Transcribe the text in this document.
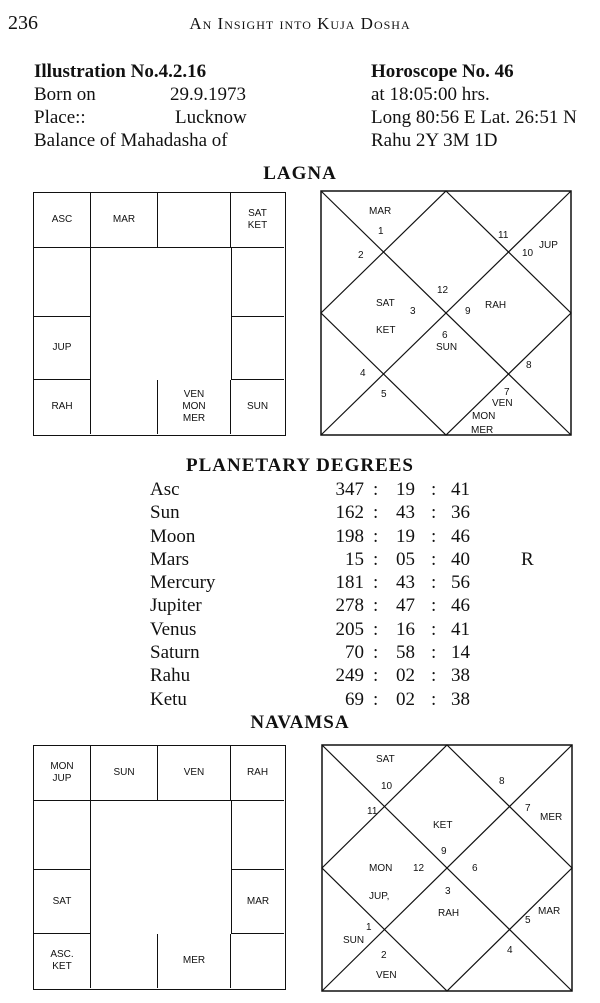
236	An Insight into Kuja Dosha
Illustration No.4.2.16
Born on	29.9.1973
Place::	Lucknow
Balance of Mahadasha of
Horoscope No. 46
at 18:05:00 hrs.
Long 80:56 E Lat. 26:51 N
Rahu 2Y 3M 1D
LAGNA
ASC	MAR
SAT
KET
JUP
RAH
VEN
MON
MER
SUN
MAR
1
2
11
10
JUP
12
SAT
3	9
RAH
KET	6
SUN
4
8
5	7
VEN
MON
MER
PLANETARY DEGREES
Asc	347 : 19 : 41
Sun	162 : 43 : 36
Moon	198 : 19 : 46
Mars	15 : 05 : 40	R
Mercury	181 : 43 : 56
Jupiter	278 : 47 : 46
Venus	205 : 16 : 41
Saturn	70 : 58 : 14
Rahu	249 : 02 : 38
Ketu	69 : 02 : 38
NAVAMSA
MON
JUP
SUN	VEN	RAH
SAT	MAR
ASC.
KET
MER
SAT
10	8
11	7
MER
KET
9
MON 12	6
3
JUP,
RAH	MAR
5
1
SUN
2	4
VEN
